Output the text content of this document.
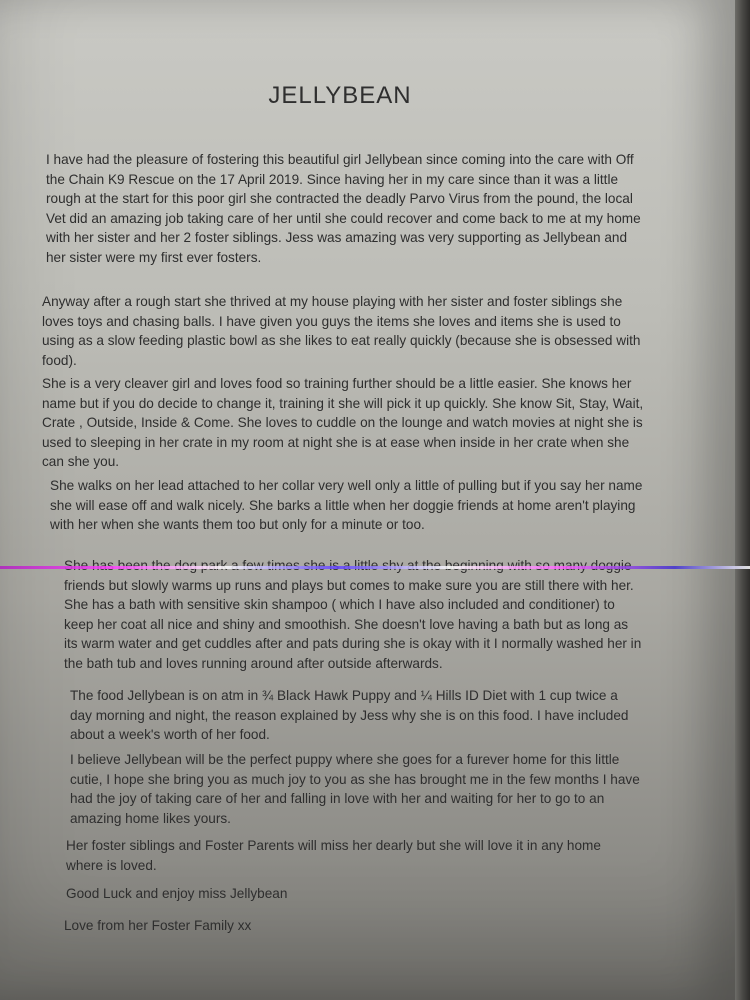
JELLYBEAN

I have had the pleasure of fostering this beautiful girl Jellybean since coming into the care with Off the Chain K9 Rescue on the 17 April 2019. Since having her in my care since than it was a little rough at the start for this poor girl she contracted the deadly Parvo Virus from the pound, the local Vet did an amazing job taking care of her until she could recover and come back to me at my home with her sister and her 2 foster siblings. Jess was amazing was very supporting as Jellybean and her sister were my first ever fosters.

Anyway after a rough start she thrived at my house playing with her sister and foster siblings she loves toys and chasing balls. I have given you guys the items she loves and items she is used to using as a slow feeding plastic bowl as she likes to eat really quickly (because she is obsessed with food).

She is a very cleaver girl and loves food so training further should be a little easier. She knows her name but if you do decide to change it, training it she will pick it up quickly. She know Sit, Stay, Wait, Crate , Outside, Inside & Come. She loves to cuddle on the lounge and watch movies at night she is used to sleeping in her crate in my room at night she is at ease when inside in her crate when she can she you.

She walks on her lead attached to her collar very well only a little of pulling but if you say her name she will ease off and walk nicely. She barks a little when her doggie friends at home aren't playing with her when she wants them too but only for a minute or too.

friends but slowly warms up runs and plays but comes to make sure you are still there with her. She has a bath with sensitive skin shampoo ( which I have also included and conditioner) to keep her coat all nice and shiny and smoothish. She doesn't love having a bath but as long as its warm water and get cuddles after and pats during she is okay with it I normally washed her in the bath tub and loves running around after outside afterwards.

The food Jellybean is on atm in ¾ Black Hawk Puppy and ¼ Hills ID Diet with 1 cup twice a day morning and night, the reason explained by Jess why she is on this food. I have included about a week's worth of her food.

I believe Jellybean will be the perfect puppy where she goes for a furever home for this little cutie, I hope she bring you as much joy to you as she has brought me in the few months I have had the joy of taking care of her and falling in love with her and waiting for her to go to an amazing home likes yours.

Her foster siblings and Foster Parents will miss her dearly but she will love it in any home where is loved.

Good Luck and enjoy miss Jellybean

Love from her Foster Family xx
